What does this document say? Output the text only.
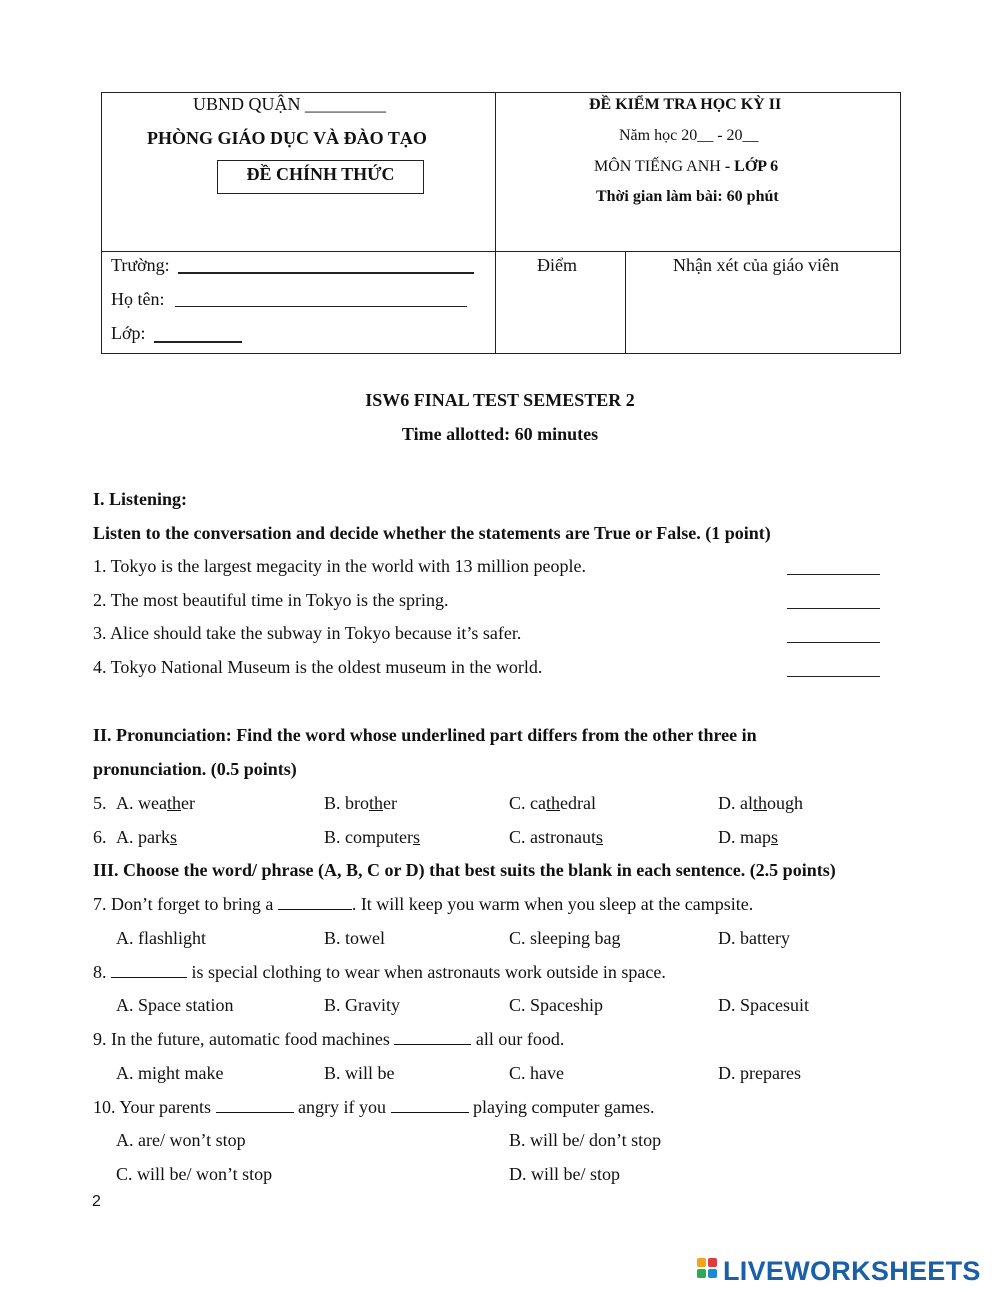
UBND QUẬN _________
PHÒNG GIÁO DỤC VÀ ĐÀO TẠO
ĐỀ CHÍNH THỨC
ĐỀ KIỂM TRA HỌC KỲ II
Năm học 20__ - 20__
MÔN TIẾNG ANH - LỚP 6
Thời gian làm bài: 60 phút
Trường:
Họ tên:
Lớp:
Điểm	Nhận xét của giáo viên
ISW6 FINAL TEST SEMESTER 2
Time allotted: 60 minutes
I. Listening:
Listen to the conversation and decide whether the statements are True or False. (1 point)
1. Tokyo is the largest megacity in the world with 13 million people.
2. The most beautiful time in Tokyo is the spring.
3. Alice should take the subway in Tokyo because it’s safer.
4. Tokyo National Museum is the oldest museum in the world.
II. Pronunciation: Find the word whose underlined part differs from the other three in
pronunciation. (0.5 points)
5. A. weather	B. brother	C. cathedral	D. although
6. A. parks	B. computers	C. astronauts	D. maps
III. Choose the word/ phrase (A, B, C or D) that best suits the blank in each sentence. (2.5 points)
7. Don’t forget to bring a	. It will keep you warm when you sleep at the campsite.
A. flashlight	B. towel	C. sleeping bag	D. battery
8.	is special clothing to wear when astronauts work outside in space.
A. Space station	B. Gravity	C. Spaceship	D. Spacesuit
9. In the future, automatic food machines	all our food.
A. might make	B. will be	C. have	D. prepares
10. Your parents	angry if you	playing computer games.
A. are/ won’t stop	B. will be/ don’t stop
C. will be/ won’t stop	D. will be/ stop
2
LIVEWORKSHEETS
